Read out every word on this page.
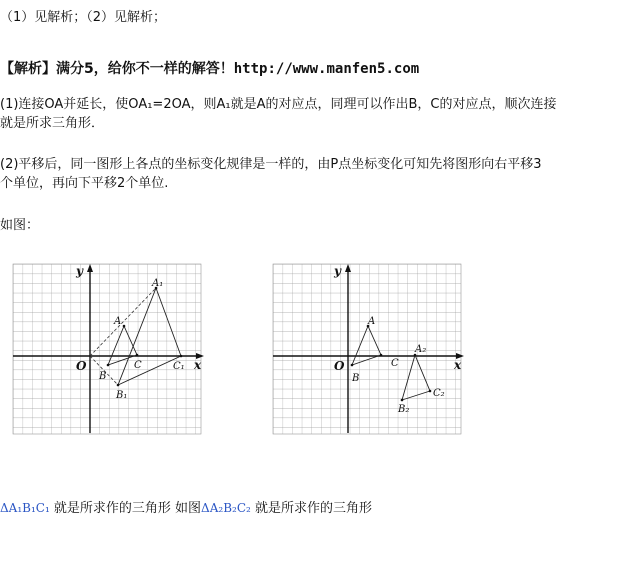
（1）见解析；（2）见解析；
【解析】满分5，给你不一样的解答！http://www.manfen5.com
(1)连接OA并延长，使OA₁=2OA，则A₁就是A的对应点，同理可以作出B，C的对应点，顺次连接
就是所求三角形．
(2)平移后，同一图形上各点的坐标变化规律是一样的，由P点坐标变化可知先将图形向右平移3
个单位，再向下平移2个单位.
如图：
x
y
O
A
B
C
A₁
B₁
C₁	x
y
O
A
B
C
A₂
B₂
C₂
ΔA₁B₁C₁ 就是所求作的三角形 如图ΔA₂B₂C₂ 就是所求作的三角形
